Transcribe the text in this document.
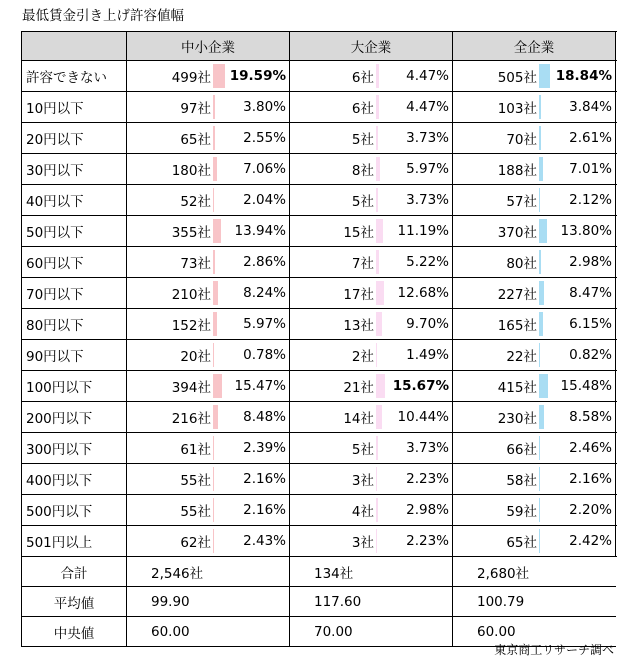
最低賃金引き上げ許容値幅
	中小企業	大企業	全企業
許容できない	499社 19.59%	6社 4.47%	505社 18.84%

10円以下	97社 3.80%	6社 4.47%	103社 3.84%

20円以下	65社 2.55%	5社 3.73%	70社 2.61%

30円以下	180社 7.06%	8社 5.97%	188社 7.01%

40円以下	52社 2.04%	5社 3.73%	57社 2.12%

50円以下	355社 13.94%	15社 11.19%	370社 13.80%

60円以下	73社 2.86%	7社 5.22%	80社 2.98%

70円以下	210社 8.24%	17社 12.68%	227社 8.47%

80円以下	152社 5.97%	13社 9.70%	165社 6.15%

90円以下	20社 0.78%	2社 1.49%	22社 0.82%

100円以下	394社 15.47%	21社 15.67%	415社 15.48%

200円以下	216社 8.48%	14社 10.44%	230社 8.58%

300円以下	61社 2.39%	5社 3.73%	66社 2.46%

400円以下	55社 2.16%	3社 2.23%	58社 2.16%

500円以下	55社 2.16%	4社 2.98%	59社 2.20%

501円以上	62社 2.43%	3社 2.23%	65社 2.42%

合計	2,546社	134社	2,680社
平均値	99.90	117.60	100.79
中央値	60.00	70.00	60.00
東京商工リサーチ調べ
